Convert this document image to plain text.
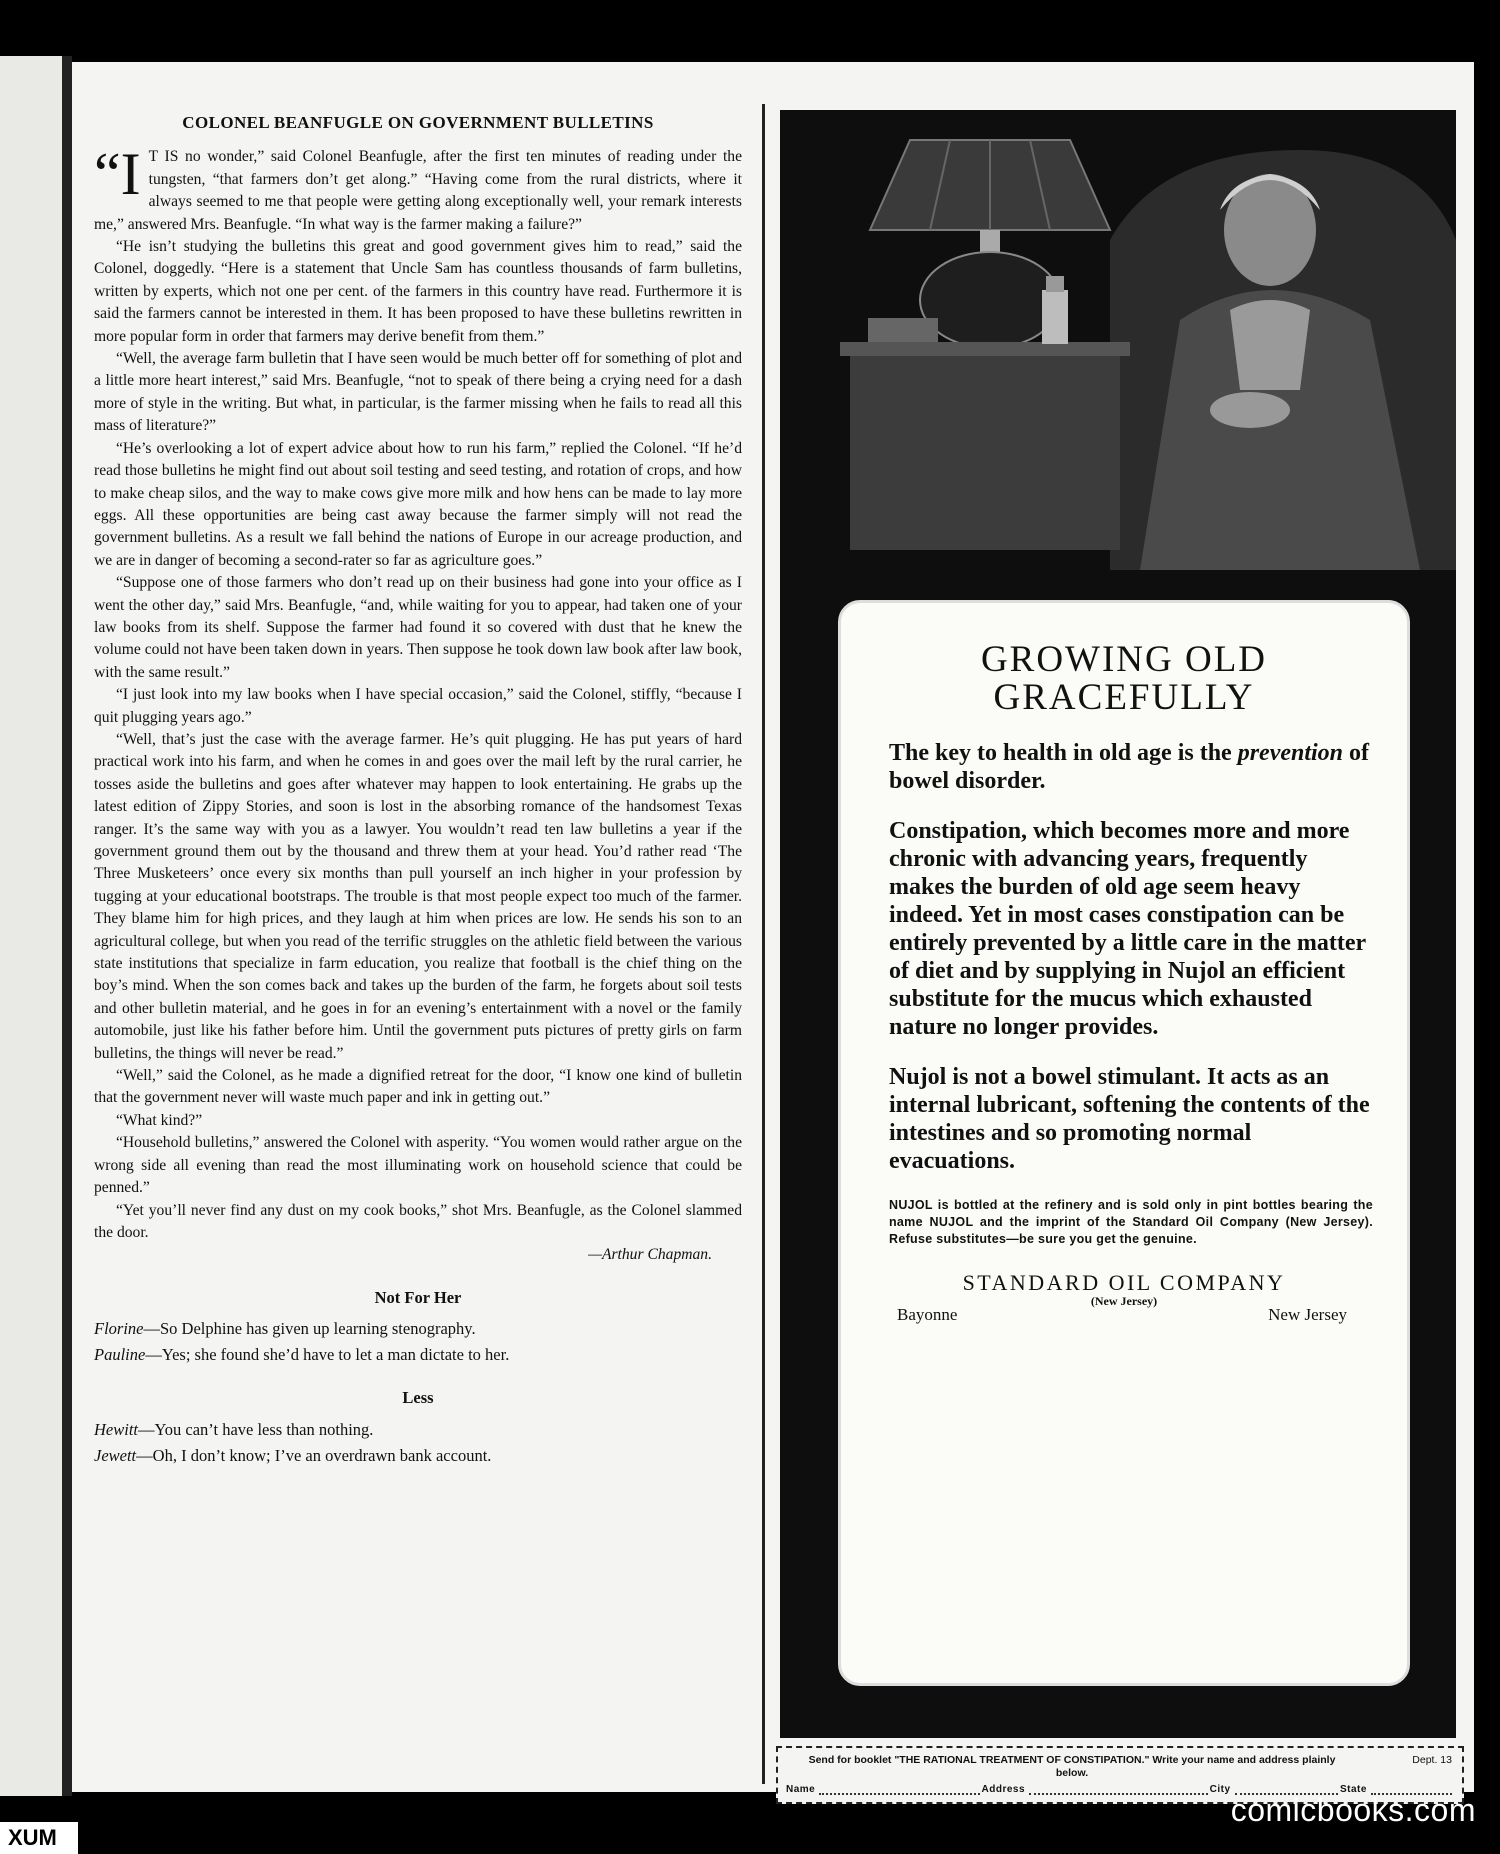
COLONEL BEANFUGLE ON GOVERNMENT BULLETINS

“I T IS no wonder,” said Colonel Beanfugle, after the first ten minutes of reading under the tungsten, “that farmers don’t get along.” “Having come from the rural districts, where it always seemed to me that people were getting along exceptionally well, your remark interests me,” answered Mrs. Beanfugle. “In what way is the farmer making a failure?”

“He isn’t studying the bulletins this great and good government gives him to read,” said the Colonel, doggedly. “Here is a statement that Uncle Sam has countless thousands of farm bulletins, written by experts, which not one per cent. of the farmers in this country have read. Furthermore it is said the farmers cannot be interested in them. It has been proposed to have these bulletins rewritten in more popular form in order that farmers may derive benefit from them.”

“Well, the average farm bulletin that I have seen would be much better off for something of plot and a little more heart interest,” said Mrs. Beanfugle, “not to speak of there being a crying need for a dash more of style in the writing. But what, in particular, is the farmer missing when he fails to read all this mass of literature?”

“He’s overlooking a lot of expert advice about how to run his farm,” replied the Colonel. “If he’d read those bulletins he might find out about soil testing and seed testing, and rotation of crops, and how to make cheap silos, and the way to make cows give more milk and how hens can be made to lay more eggs. All these opportunities are being cast away because the farmer simply will not read the government bulletins. As a result we fall behind the nations of Europe in our acreage production, and we are in danger of becoming a second-rater so far as agriculture goes.”

“Suppose one of those farmers who don’t read up on their business had gone into your office as I went the other day,” said Mrs. Beanfugle, “and, while waiting for you to appear, had taken one of your law books from its shelf. Suppose the farmer had found it so covered with dust that he knew the volume could not have been taken down in years. Then suppose he took down law book after law book, with the same result.”

“I just look into my law books when I have special occasion,” said the Colonel, stiffly, “because I quit plugging years ago.”

“Well, that’s just the case with the average farmer. He’s quit plugging. He has put years of hard practical work into his farm, and when he comes in and goes over the mail left by the rural carrier, he tosses aside the bulletins and goes after whatever may happen to look entertaining. He grabs up the latest edition of Zippy Stories, and soon is lost in the absorbing romance of the handsomest Texas ranger. It’s the same way with you as a lawyer. You wouldn’t read ten law bulletins a year if the government ground them out by the thousand and threw them at your head. You’d rather read ‘The Three Musketeers’ once every six months than pull yourself an inch higher in your profession by tugging at your educational bootstraps. The trouble is that most people expect too much of the farmer. They blame him for high prices, and they laugh at him when prices are low. He sends his son to an agricultural college, but when you read of the terrific struggles on the athletic field between the various state institutions that specialize in farm education, you realize that football is the chief thing on the boy’s mind. When the son comes back and takes up the burden of the farm, he forgets about soil tests and other bulletin material, and he goes in for an evening’s entertainment with a novel or the family automobile, just like his father before him. Until the government puts pictures of pretty girls on farm bulletins, the things will never be read.”

“Well,” said the Colonel, as he made a dignified retreat for the door, “I know one kind of bulletin that the government never will waste much paper and ink in getting out.”

“What kind?”

“Household bulletins,” answered the Colonel with asperity. “You women would rather argue on the wrong side all evening than read the most illuminating work on household science that could be penned.”

“Yet you’ll never find any dust on my cook books,” shot Mrs. Beanfugle, as the Colonel slammed the door.
—Arthur Chapman.

Not For Her
Florine—So Delphine has given up learning stenography.
Pauline—Yes; she found she’d have to let a man dictate to her.
Less
Hewitt—You can’t have less than nothing.
Jewett—Oh, I don’t know; I’ve an overdrawn bank account.
GROWING OLD
GRACEFULLY

The key to health in old age is the prevention of bowel disorder.

Constipation, which becomes more and more chronic with advancing years, frequently makes the burden of old age seem heavy indeed. Yet in most cases constipation can be entirely prevented by a little care in the matter of diet and by supplying in Nujol an efficient substitute for the mucus which exhausted nature no longer provides.

Nujol is not a bowel stimulant. It acts as an internal lubricant, softening the contents of the intestines and so promoting normal evacuations.

NUJOL is bottled at the refinery and is sold only in pint bottles bearing the name NUJOL and the imprint of the Standard Oil Company (New Jersey). Refuse substitutes—be sure you get the genuine.
STANDARD OIL COMPANY
(New Jersey)
Bayonne	New Jersey
Send for booklet "THE RATIONAL TREATMENT OF CONSTIPATION." Write your name and address plainly below.
Dept. 13
Name	Address	City	State
comicbooks.com
XUM
